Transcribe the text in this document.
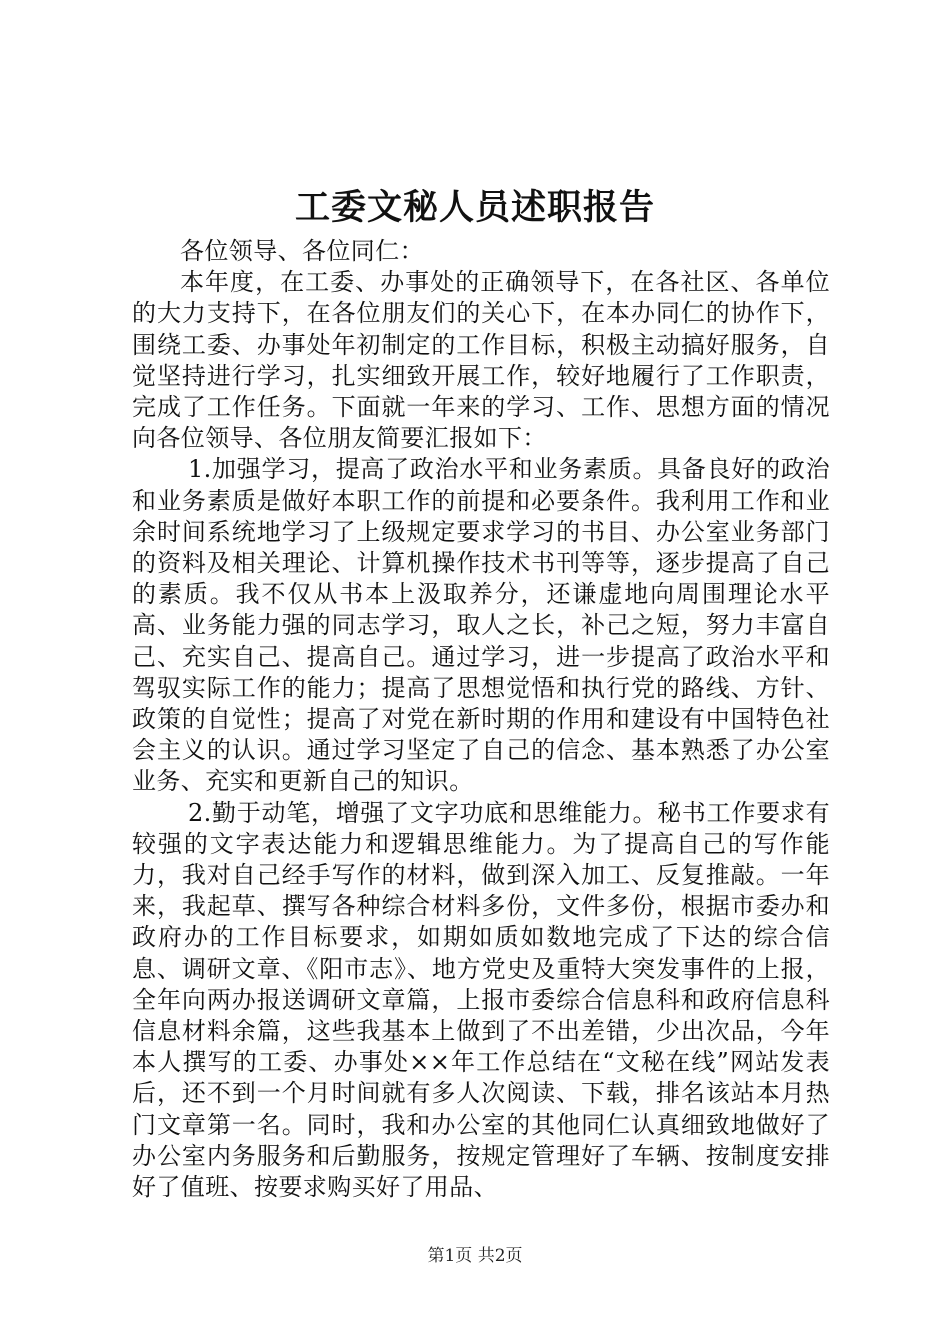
工委文秘人员述职报告

各位领导、各位同仁：

本年度，在工委、办事处的正确领导下，在各社区、各单位的大力支持下，在各位朋友们的关心下，在本办同仁的协作下，围绕工委、办事处年初制定的工作目标，积极主动搞好服务，自觉坚持进行学习，扎实细致开展工作，较好地履行了工作职责，完成了工作任务。下面就一年来的学习、工作、思想方面的情况向各位领导、各位朋友简要汇报如下：

1.加强学习，提高了政治水平和业务素质。具备良好的政治和业务素质是做好本职工作的前提和必要条件。我利用工作和业余时间系统地学习了上级规定要求学习的书目、办公室业务部门的资料及相关理论、计算机操作技术书刊等等，逐步提高了自己的素质。我不仅从书本上汲取养分，还谦虚地向周围理论水平高、业务能力强的同志学习，取人之长，补己之短，努力丰富自己、充实自己、提高自己。通过学习，进一步提高了政治水平和驾驭实际工作的能力；提高了思想觉悟和执行党的路线、方针、政策的自觉性；提高了对党在新时期的作用和建设有中国特色社会主义的认识。通过学习坚定了自己的信念、基本熟悉了办公室业务、充实和更新自己的知识。

2.勤于动笔，增强了文字功底和思维能力。秘书工作要求有较强的文字表达能力和逻辑思维能力。为了提高自己的写作能力，我对自己经手写作的材料，做到深入加工、反复推敲。一年来，我起草、撰写各种综合材料多份，文件多份，根据市委办和政府办的工作目标要求，如期如质如数地完成了下达的综合信息、调研文章、《阳市志》、地方党史及重特大突发事件的上报，全年向两办报送调研文章篇，上报市委综合信息科和政府信息科信息材料余篇，这些我基本上做到了不出差错，少出次品，今年本人撰写的工委、办事处××年工作总结在“文秘在线”网站发表后，还不到一个月时间就有多人次阅读、下载，排名该站本月热门文章第一名。同时，我和办公室的其他同仁认真细致地做好了办公室内务服务和后勤服务，按规定管理好了车辆、按制度安排好了值班、按要求购买好了用品、

第1页 共2页
